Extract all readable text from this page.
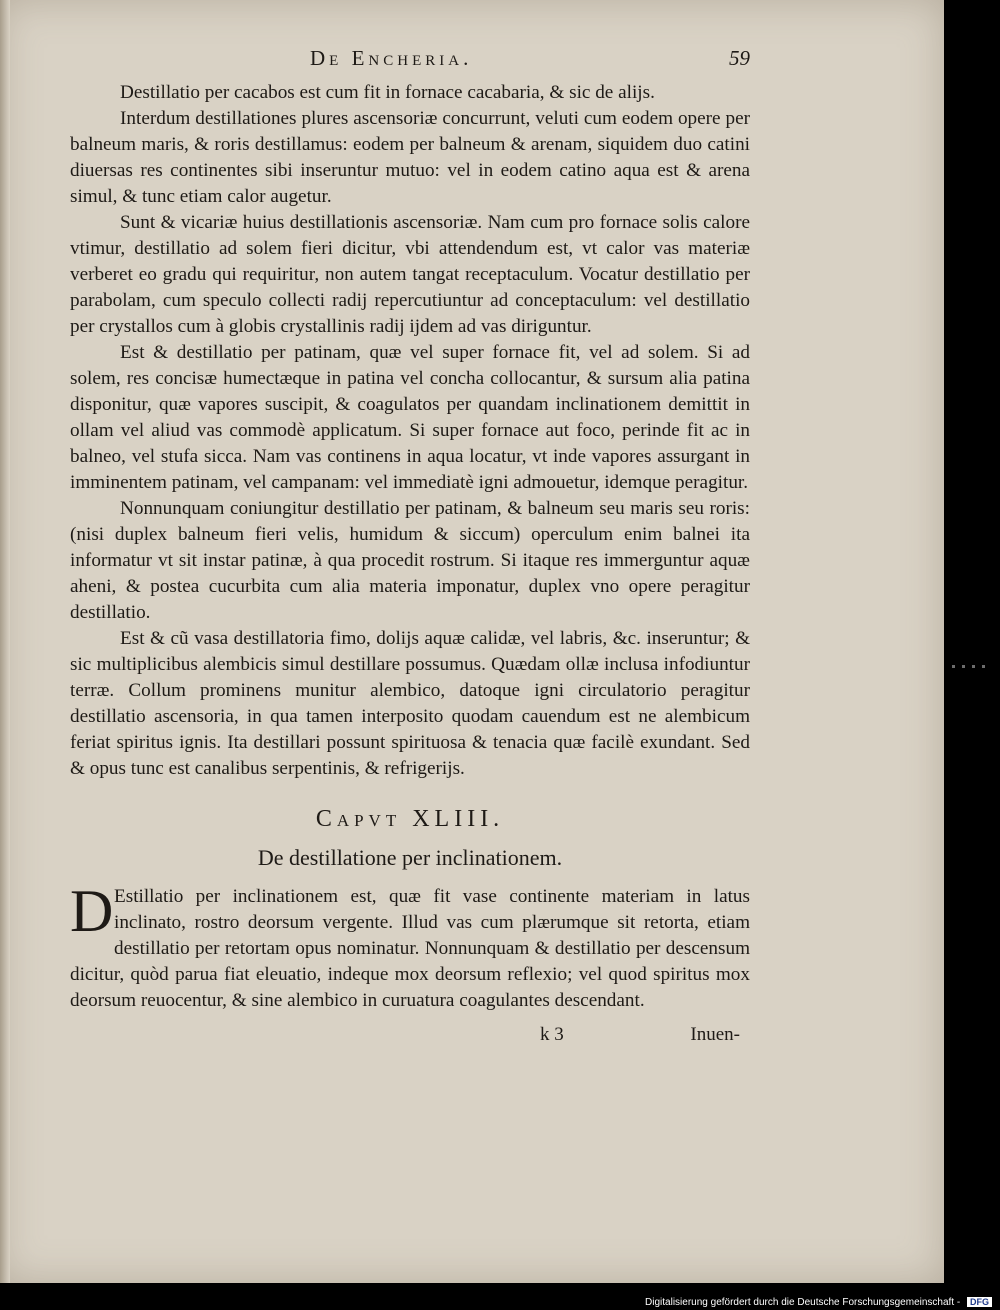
De Encheria.	59

Destillatio per cacabos est cum fit in fornace cacabaria, & sic de alijs.

Interdum destillationes plures ascensoriæ concurrunt, veluti cum eodem opere per balneum maris, & roris destillamus: eodem per balneum & arenam, siquidem duo catini diuersas res continentes sibi inseruntur mutuo: vel in eodem catino aqua est & arena simul, & tunc etiam calor augetur.

Sunt & vicariæ huius destillationis ascensoriæ. Nam cum pro fornace solis calore vtimur, destillatio ad solem fieri dicitur, vbi attendendum est, vt calor vas materiæ verberet eo gradu qui requiritur, non autem tangat receptaculum. Vocatur destillatio per parabolam, cum speculo collecti radij repercutiuntur ad conceptaculum: vel destillatio per crystallos cum à globis crystallinis radij ijdem ad vas diriguntur.

Est & destillatio per patinam, quæ vel super fornace fit, vel ad solem. Si ad solem, res concisæ humectæque in patina vel concha collocantur, & sursum alia patina disponitur, quæ vapores suscipit, & coagulatos per quandam inclinationem demittit in ollam vel aliud vas commodè applicatum. Si super fornace aut foco, perinde fit ac in balneo, vel stufa sicca. Nam vas continens in aqua locatur, vt inde vapores assurgant in imminentem patinam, vel campanam: vel immediatè igni admouetur, idemque peragitur.

Nonnunquam coniungitur destillatio per patinam, & balneum seu maris seu roris: (nisi duplex balneum fieri velis, humidum & siccum) operculum enim balnei ita informatur vt sit instar patinæ, à qua procedit rostrum. Si itaque res immerguntur aquæ aheni, & postea cucurbita cum alia materia imponatur, duplex vno opere peragitur destillatio.

Est & cũ vasa destillatoria fimo, dolijs aquæ calidæ, vel labris, &c. inseruntur; & sic multiplicibus alembicis simul destillare possumus. Quædam ollæ inclusa infodiuntur terræ. Collum prominens munitur alembico, datoque igni circulatorio peragitur destillatio ascensoria, in qua tamen interposito quodam cauendum est ne alembicum feriat spiritus ignis. Ita destillari possunt spirituosa & tenacia quæ facilè exundant. Sed & opus tunc est canalibus serpentinis, & refrigerijs.

Capvt XLIII.
De destillatione per inclinationem.
D Estillatio per inclinationem est, quæ fit vase continente materiam in latus inclinato, rostro deorsum vergente. Illud vas cum plærumque sit retorta, etiam destillatio per retortam opus nominatur. Nonnunquam & destillatio per descensum dicitur, quòd parua fiat eleuatio, indeque mox deorsum reflexio; vel quod spiritus mox deorsum reuocentur, & sine alembico in curuatura coagulantes descendant.

k 3	Inuen-
Digitalisierung gefördert durch die Deutsche Forschungsgemeinschaft - DFG
